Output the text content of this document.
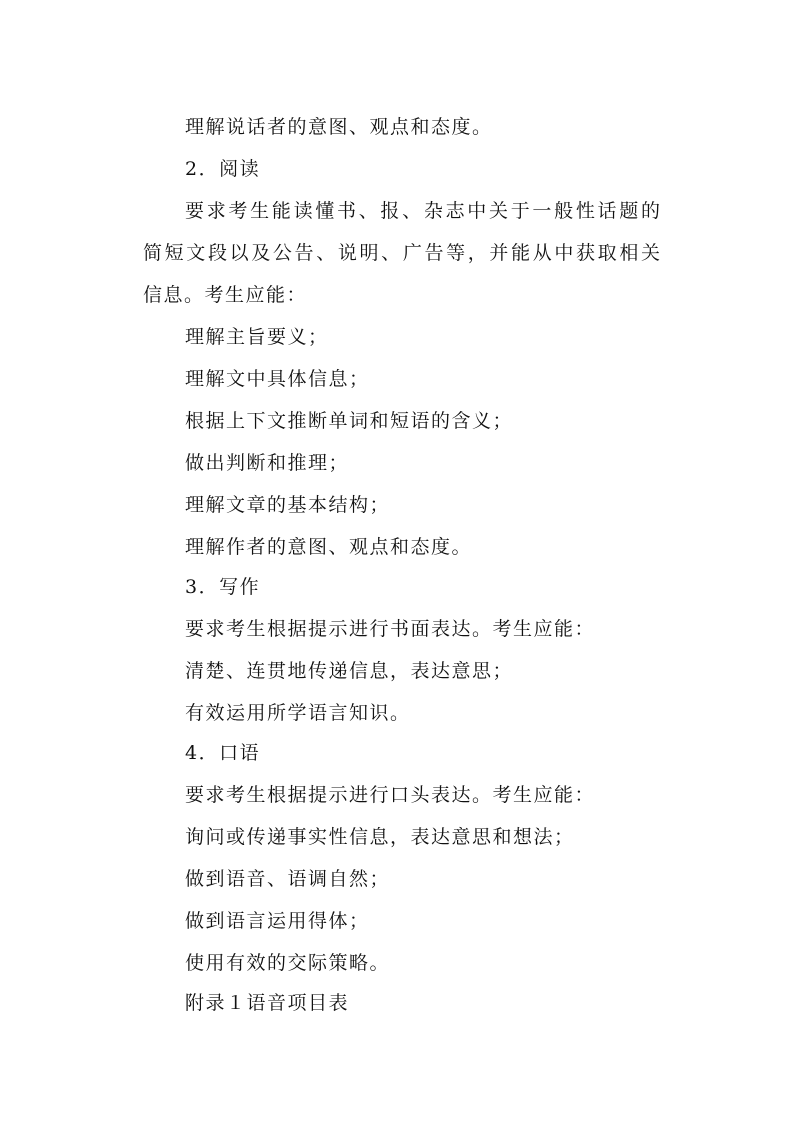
理解说话者的意图、观点和态度。

2．阅读

要求考生能读懂书、报、杂志中关于一般性话题的

简短文段以及公告、说明、广告等，并能从中获取相关

信息。考生应能：

理解主旨要义；

理解文中具体信息；

根据上下文推断单词和短语的含义；

做出判断和推理；

理解文章的基本结构；

理解作者的意图、观点和态度。

3．写作

要求考生根据提示进行书面表达。考生应能：

清楚、连贯地传递信息，表达意思；

有效运用所学语言知识。

4．口语

要求考生根据提示进行口头表达。考生应能：

询问或传递事实性信息，表达意思和想法；

做到语音、语调自然；

做到语言运用得体；

使用有效的交际策略。

附录１语音项目表
